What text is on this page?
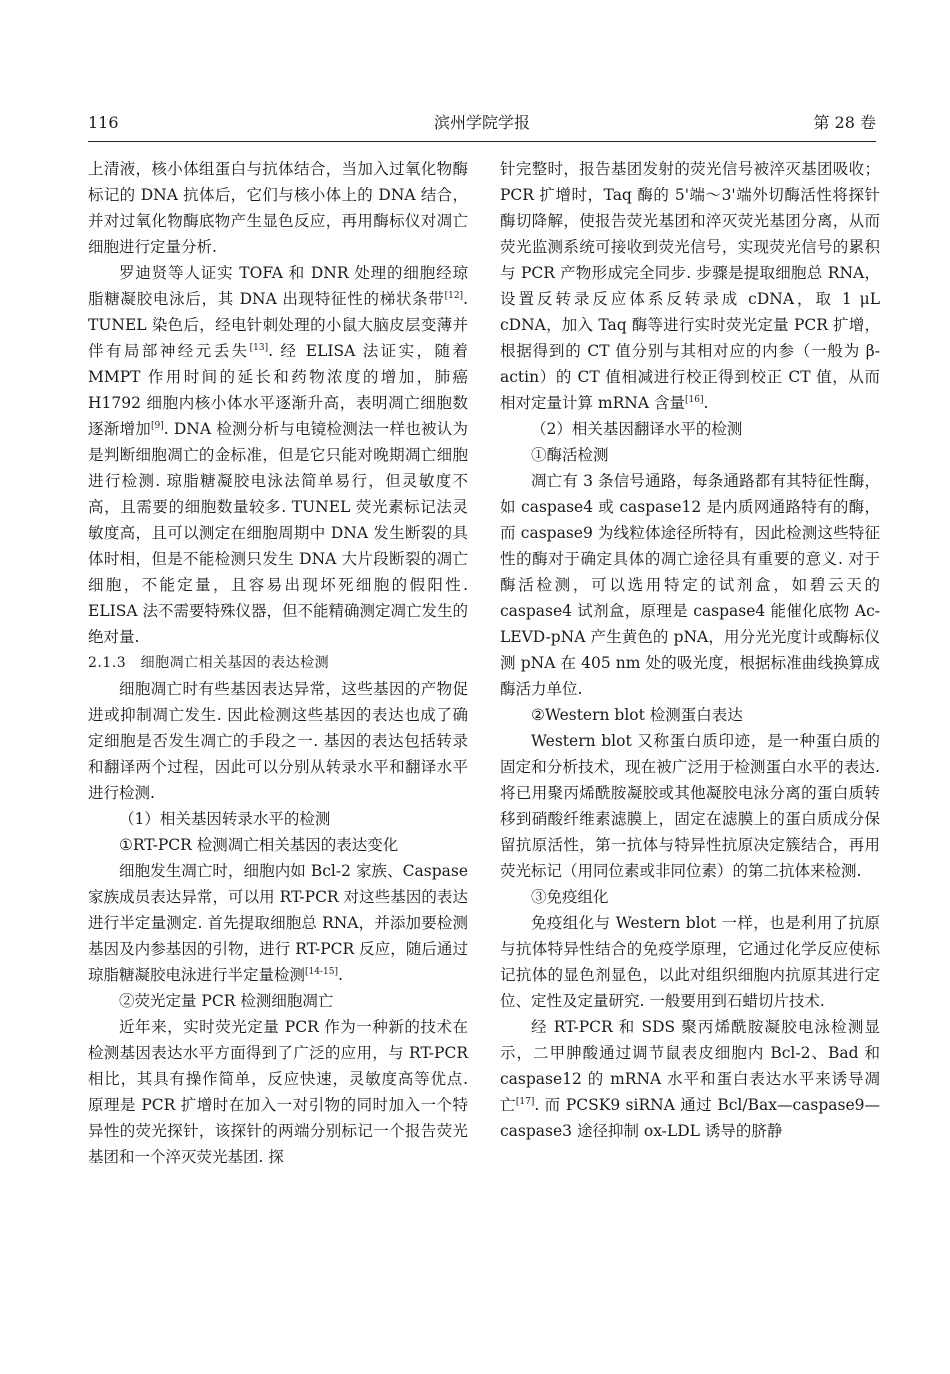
116	滨州学院学报	第 28 卷

上清液，核小体组蛋白与抗体结合，当加入过氧化物酶标记的 DNA 抗体后，它们与核小体上的 DNA 结合，并对过氧化物酶底物产生显色反应，再用酶标仪对凋亡细胞进行定量分析.

罗迪贤等人证实 TOFA 和 DNR 处理的细胞经琼脂糖凝胶电泳后，其 DNA 出现特征性的梯状条带[12]. TUNEL 染色后，经电针刺处理的小鼠大脑皮层变薄并伴有局部神经元丢失[13]. 经 ELISA 法证实，随着 MMPT 作用时间的延长和药物浓度的增加，肺癌 H1792 细胞内核小体水平逐渐升高，表明凋亡细胞数逐渐增加[9]. DNA 检测分析与电镜检测法一样也被认为是判断细胞凋亡的金标准，但是它只能对晚期凋亡细胞进行检测. 琼脂糖凝胶电泳法简单易行，但灵敏度不高，且需要的细胞数量较多. TUNEL 荧光素标记法灵敏度高，且可以测定在细胞周期中 DNA 发生断裂的具体时相，但是不能检测只发生 DNA 大片段断裂的凋亡细胞，不能定量，且容易出现坏死细胞的假阳性. ELISA 法不需要特殊仪器，但不能精确测定凋亡发生的绝对量.

2.1.3　细胞凋亡相关基因的表达检测

细胞凋亡时有些基因表达异常，这些基因的产物促进或抑制凋亡发生. 因此检测这些基因的表达也成了确定细胞是否发生凋亡的手段之一. 基因的表达包括转录和翻译两个过程，因此可以分别从转录水平和翻译水平进行检测.

（1）相关基因转录水平的检测

①RT-PCR 检测凋亡相关基因的表达变化

细胞发生凋亡时，细胞内如 Bcl-2 家族、Caspase 家族成员表达异常，可以用 RT-PCR 对这些基因的表达进行半定量测定. 首先提取细胞总 RNA，并添加要检测基因及内参基因的引物，进行 RT-PCR 反应，随后通过琼脂糖凝胶电泳进行半定量检测[14-15].

②荧光定量 PCR 检测细胞凋亡

近年来，实时荧光定量 PCR 作为一种新的技术在检测基因表达水平方面得到了广泛的应用，与 RT-PCR 相比，其具有操作简单，反应快速，灵敏度高等优点. 原理是 PCR 扩增时在加入一对引物的同时加入一个特异性的荧光探针，该探针的两端分别标记一个报告荧光基团和一个淬灭荧光基团. 探

针完整时，报告基团发射的荧光信号被淬灭基团吸收；PCR 扩增时，Taq 酶的 5'端～3'端外切酶活性将探针酶切降解，使报告荧光基团和淬灭荧光基团分离，从而荧光监测系统可接收到荧光信号，实现荧光信号的累积与 PCR 产物形成完全同步. 步骤是提取细胞总 RNA，设置反转录反应体系反转录成 cDNA，取 1 μL cDNA，加入 Taq 酶等进行实时荧光定量 PCR 扩增，根据得到的 CT 值分别与其相对应的内参（一般为 β-actin）的 CT 值相减进行校正得到校正 CT 值，从而相对定量计算 mRNA 含量[16].

（2）相关基因翻译水平的检测

①酶活检测

凋亡有 3 条信号通路，每条通路都有其特征性酶，如 caspase4 或 caspase12 是内质网通路特有的酶，而 caspase9 为线粒体途径所特有，因此检测这些特征性的酶对于确定具体的凋亡途径具有重要的意义. 对于酶活检测，可以选用特定的试剂盒，如碧云天的 caspase4 试剂盒，原理是 caspase4 能催化底物 Ac-LEVD-pNA 产生黄色的 pNA，用分光光度计或酶标仪测 pNA 在 405 nm 处的吸光度，根据标准曲线换算成酶活力单位.

②Western blot 检测蛋白表达

Western blot 又称蛋白质印迹，是一种蛋白质的固定和分析技术，现在被广泛用于检测蛋白水平的表达. 将已用聚丙烯酰胺凝胶或其他凝胶电泳分离的蛋白质转移到硝酸纤维素滤膜上，固定在滤膜上的蛋白质成分保留抗原活性，第一抗体与特异性抗原决定簇结合，再用荧光标记（用同位素或非同位素）的第二抗体来检测.

③免疫组化

免疫组化与 Western blot 一样，也是利用了抗原与抗体特异性结合的免疫学原理，它通过化学反应使标记抗体的显色剂显色，以此对组织细胞内抗原其进行定位、定性及定量研究. 一般要用到石蜡切片技术.

经 RT-PCR 和 SDS 聚丙烯酰胺凝胶电泳检测显示，二甲胂酸通过调节鼠表皮细胞内 Bcl-2、Bad 和 caspase12 的 mRNA 水平和蛋白表达水平来诱导凋亡[17]. 而 PCSK9 siRNA 通过 Bcl/Bax—caspase9—caspase3 途径抑制 ox-LDL 诱导的脐静
